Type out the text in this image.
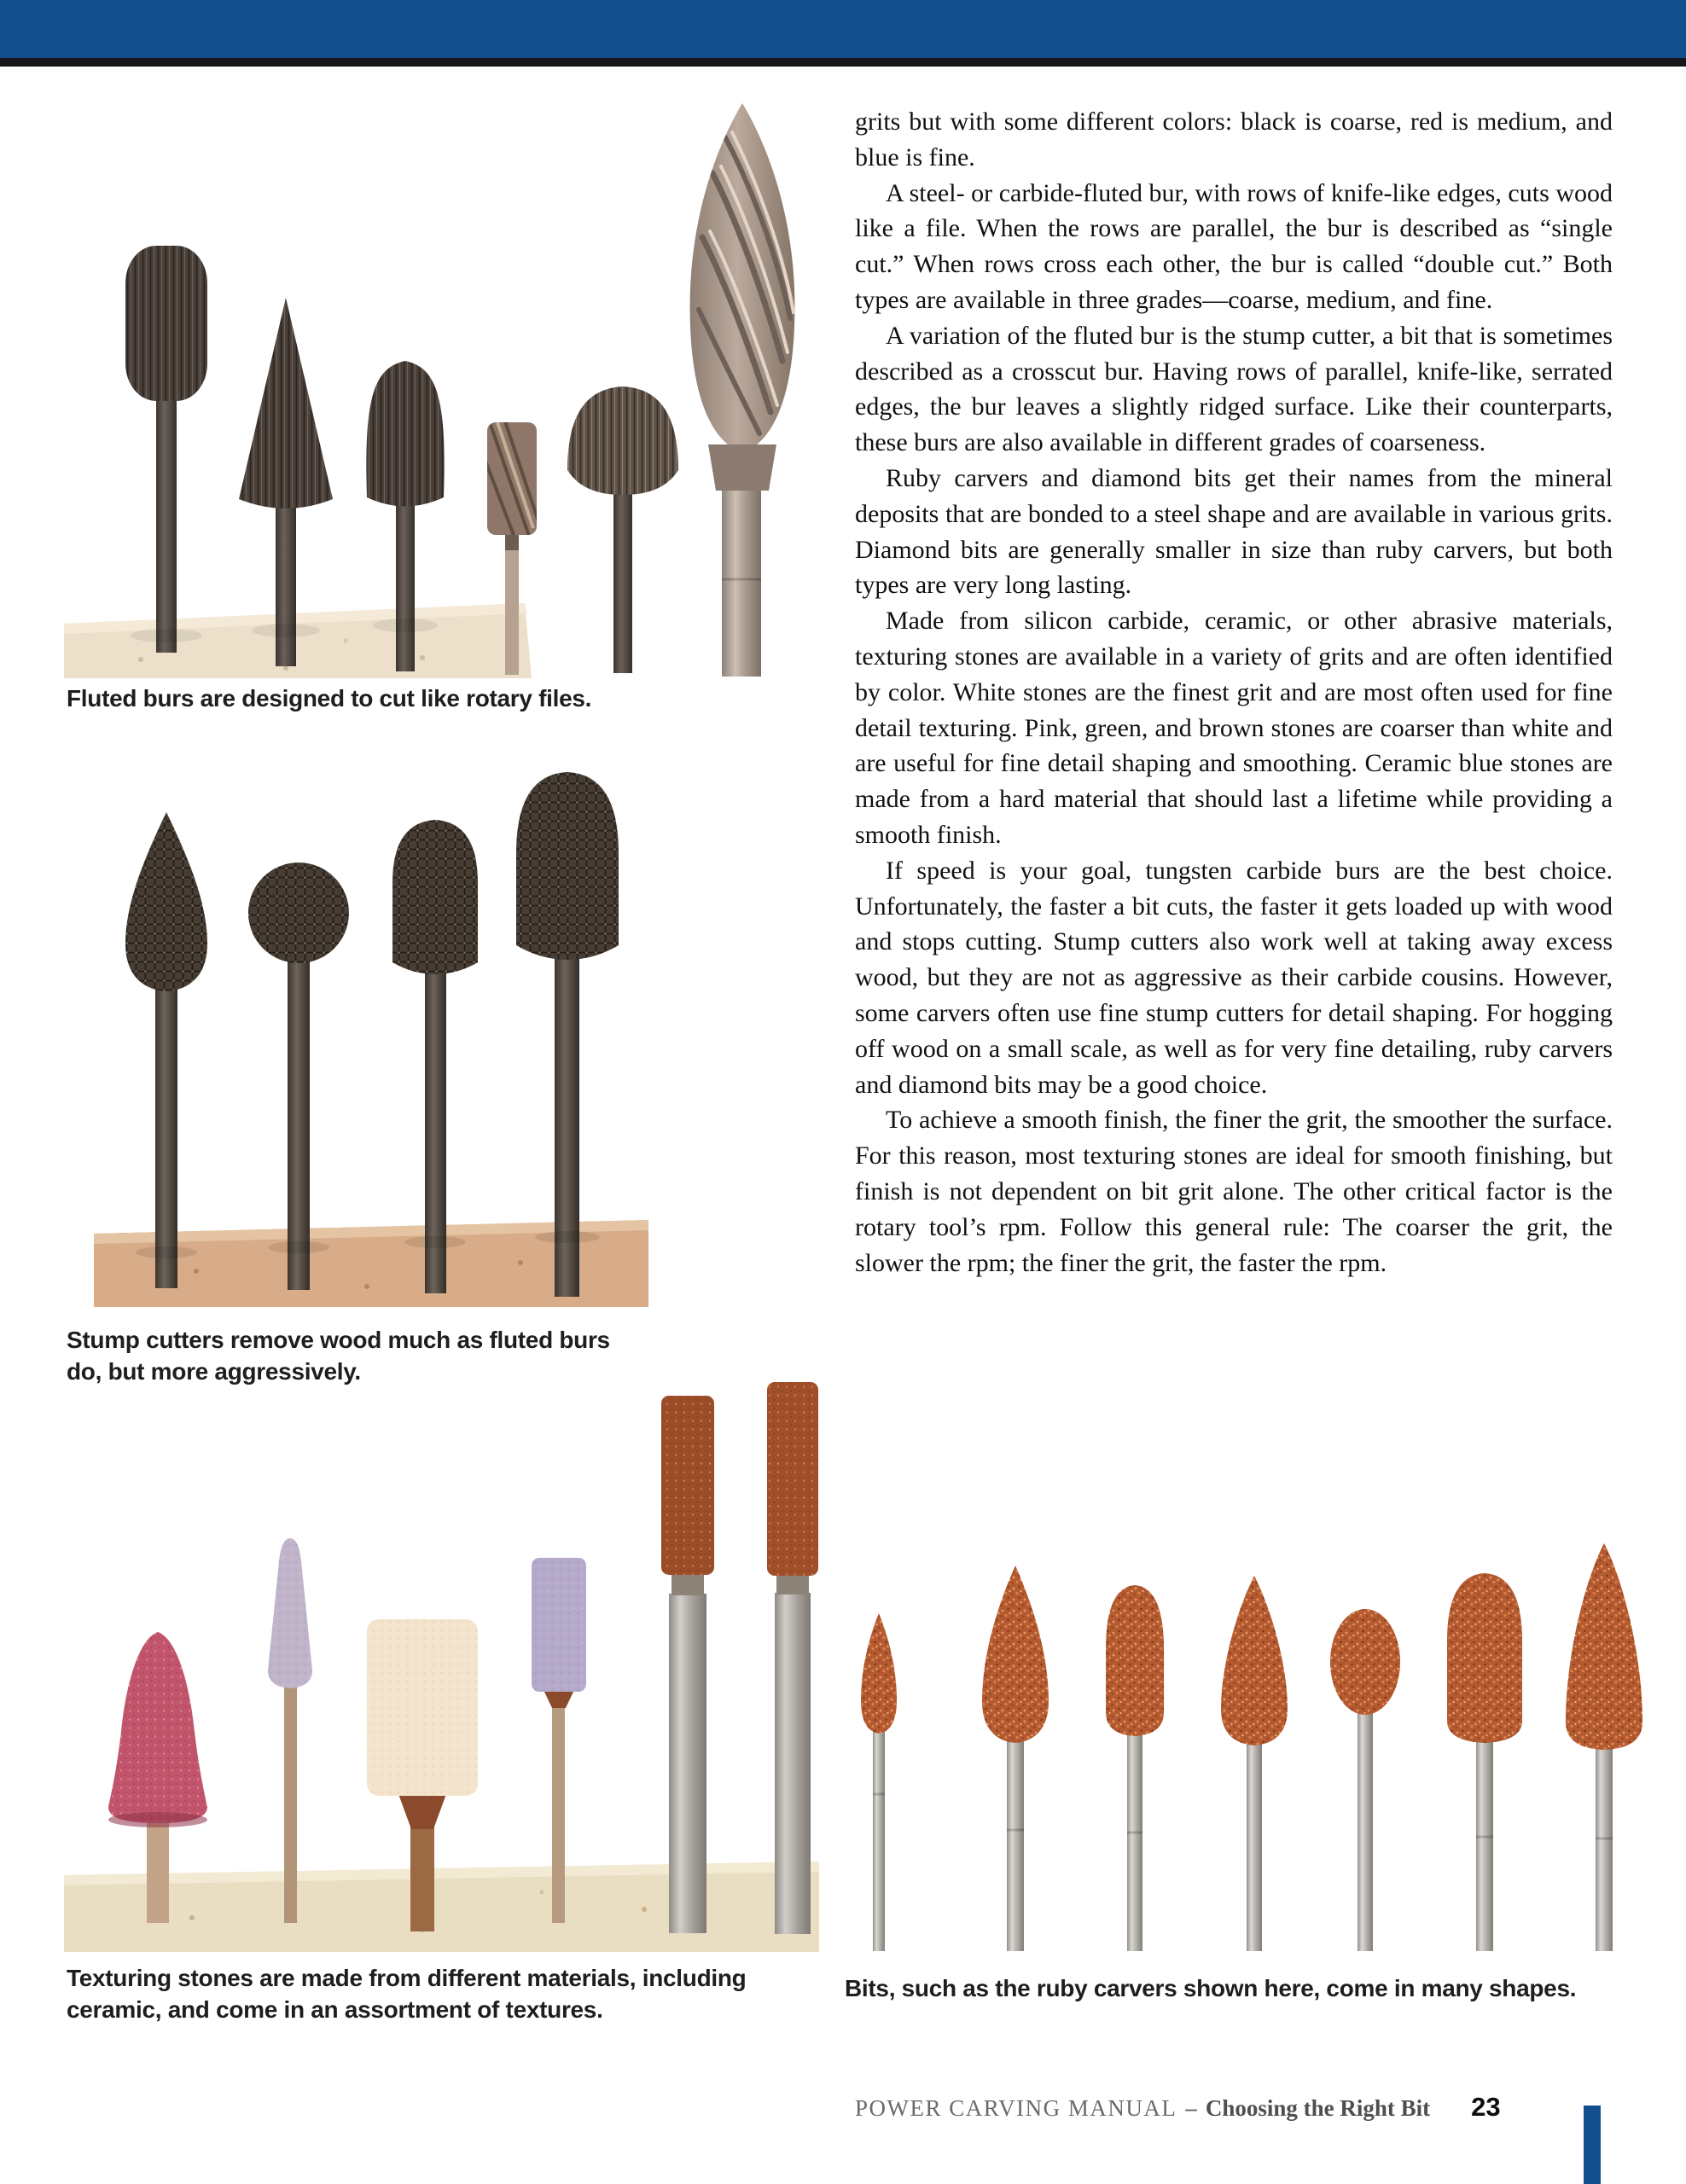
Fluted burs are designed to cut like rotary files.
Stump cutters remove wood much as fluted burs do, but more aggressively.
Texturing stones are made from different materials, including ceramic, and come in an assortment of textures.

grits but with some different colors: black is coarse, red is medium, and blue is fine.

A steel- or carbide-fluted bur, with rows of knife-like edges, cuts wood like a file. When the rows are parallel, the bur is described as “single cut.” When rows cross each other, the bur is called “double cut.” Both types are available in three grades—coarse, medium, and fine.

A variation of the fluted bur is the stump cutter, a bit that is sometimes described as a crosscut bur. Having rows of parallel, knife-like, serrated edges, the bur leaves a slightly ridged surface. Like their counterparts, these burs are also available in different grades of coarseness.

Ruby carvers and diamond bits get their names from the mineral deposits that are bonded to a steel shape and are available in various grits. Diamond bits are generally smaller in size than ruby carvers, but both types are very long lasting.

Made from silicon carbide, ceramic, or other abrasive materials, texturing stones are available in a variety of grits and are often identified by color. White stones are the finest grit and are most often used for fine detail texturing. Pink, green, and brown stones are coarser than white and are useful for fine detail shaping and smoothing. Ceramic blue stones are made from a hard material that should last a lifetime while providing a smooth finish.

If speed is your goal, tungsten carbide burs are the best choice. Unfortunately, the faster a bit cuts, the faster it gets loaded up with wood and stops cutting. Stump cutters also work well at taking away excess wood, but they are not as aggressive as their carbide cousins. However, some carvers often use fine stump cutters for detail shaping. For hogging off wood on a small scale, as well as for very fine detailing, ruby carvers and diamond bits may be a good choice.

To achieve a smooth finish, the finer the grit, the smoother the surface. For this reason, most texturing stones are ideal for smooth finishing, but finish is not dependent on bit grit alone. The other critical factor is the rotary tool’s rpm. Follow this general rule: The coarser the grit, the slower the rpm; the finer the grit, the faster the rpm.

Bits, such as the ruby carvers shown here, come in many shapes.
POWER CARVING MANUAL – Choosing the Right Bit 23
